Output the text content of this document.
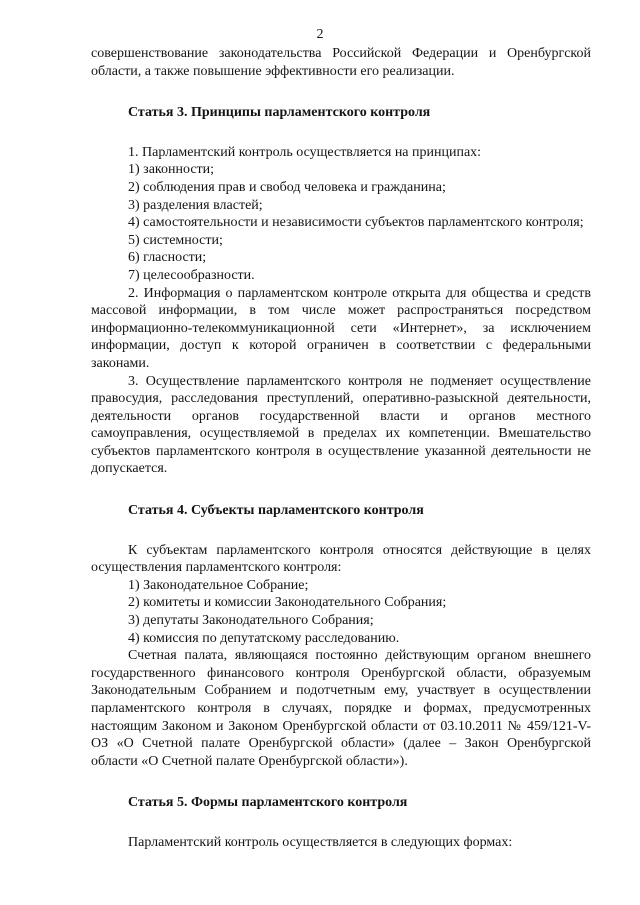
2

совершенствование законодательства Российской Федерации и Оренбургской области, а также повышение эффективности его реализации.

Статья 3. Принципы парламентского контроля

1. Парламентский контроль осуществляется на принципах:

1) законности;

2) соблюдения прав и свобод человека и гражданина;

3) разделения властей;

4) самостоятельности и независимости субъектов парламентского контроля;

5) системности;

6) гласности;

7) целесообразности.

2. Информация о парламентском контроле открыта для общества и средств массовой информации, в том числе может распространяться посредством информационно-телекоммуникационной сети «Интернет», за исключением информации, доступ к которой ограничен в соответствии с федеральными законами.

3. Осуществление парламентского контроля не подменяет осуществление правосудия, расследования преступлений, оперативно-разыскной деятельности, деятельности органов государственной власти и органов местного самоуправления, осуществляемой в пределах их компетенции. Вмешательство субъектов парламентского контроля в осуществление указанной деятельности не допускается.

Статья 4. Субъекты парламентского контроля

К субъектам парламентского контроля относятся действующие в целях осуществления парламентского контроля:

1) Законодательное Собрание;

2) комитеты и комиссии Законодательного Собрания;

3) депутаты Законодательного Собрания;

4) комиссия по депутатскому расследованию.

Счетная палата, являющаяся постоянно действующим органом внешнего государственного финансового контроля Оренбургской области, образуемым Законодательным Собранием и подотчетным ему, участвует в осуществлении парламентского контроля в случаях, порядке и формах, предусмотренных настоящим Законом и Законом Оренбургской области от 03.10.2011 № 459/121-V-ОЗ «О Счетной палате Оренбургской области» (далее – Закон Оренбургской области «О Счетной палате Оренбургской области»).

Статья 5. Формы парламентского контроля

Парламентский контроль осуществляется в следующих формах:
